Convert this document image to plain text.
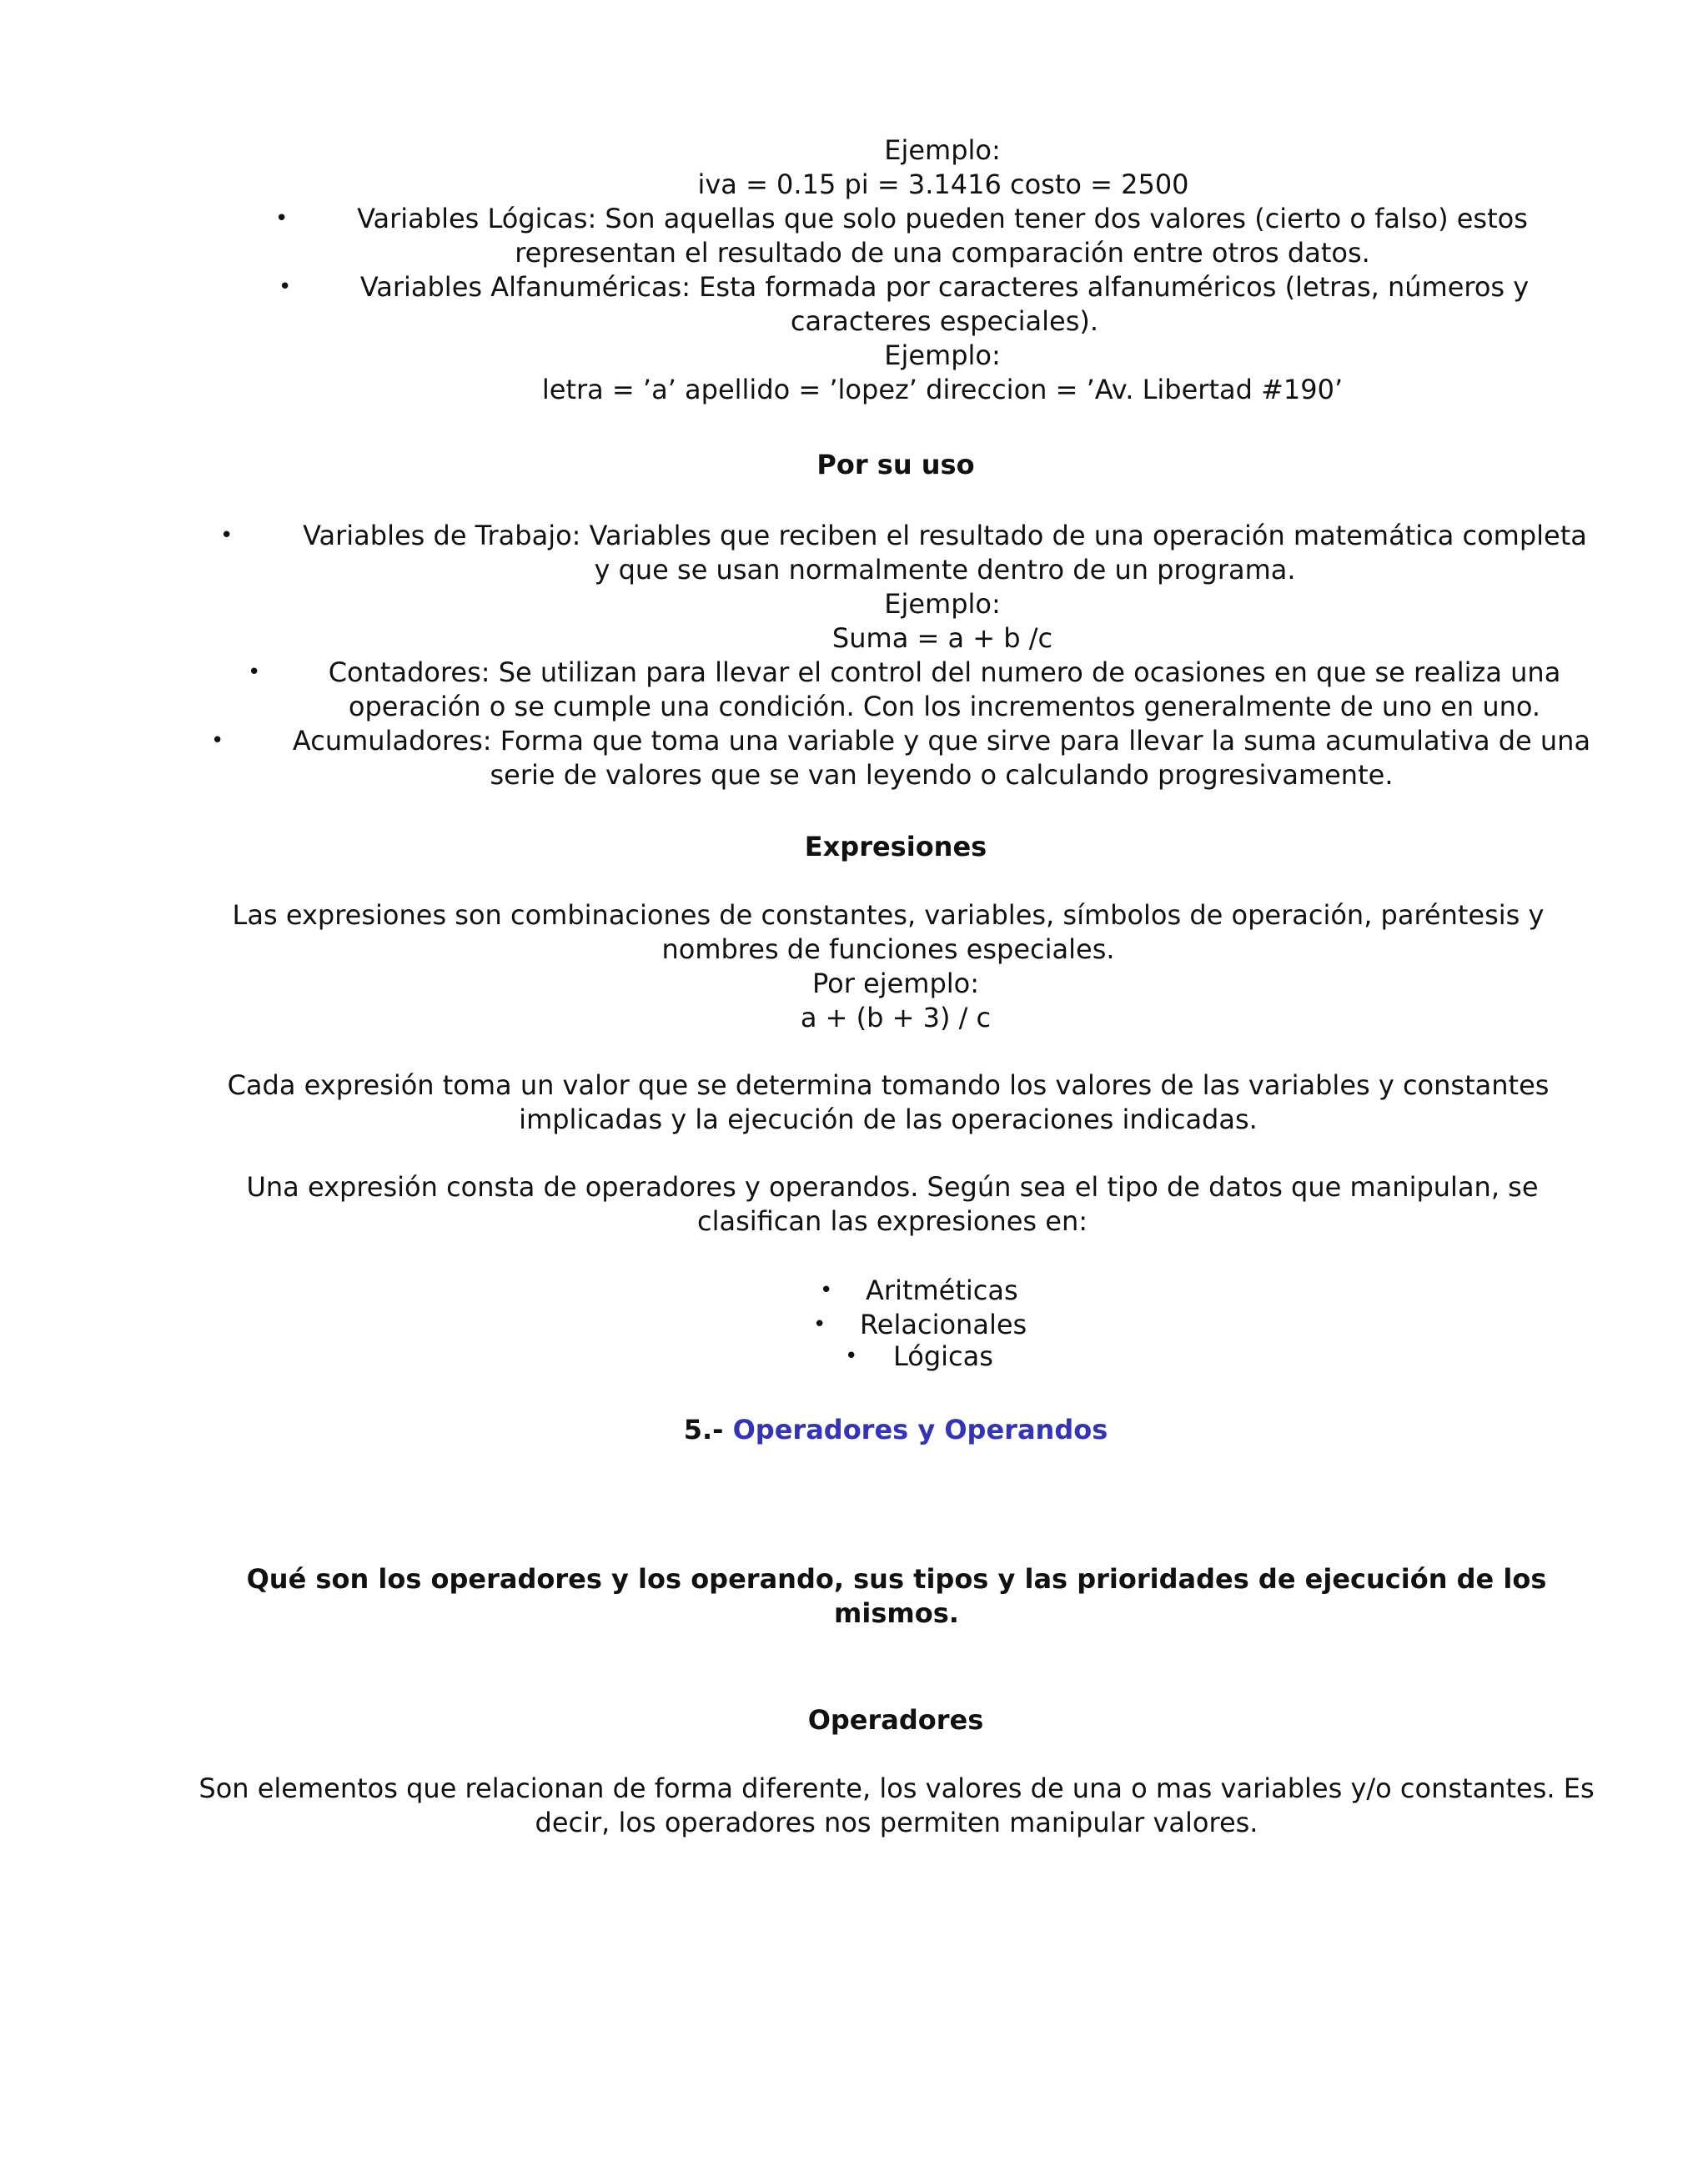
Ejemplo:
iva = 0.15 pi = 3.1416 costo = 2500
•	Variables Lógicas: Son aquellas que solo pueden tener dos valores (cierto o falso) estos
representan el resultado de una comparación entre otros datos.
•	Variables Alfanuméricas: Esta formada por caracteres alfanuméricos (letras, números y
caracteres especiales).
Ejemplo:
letra = ’a’ apellido = ’lopez’ direccion = ’Av. Libertad #190’
Por su uso
•	Variables de Trabajo: Variables que reciben el resultado de una operación matemática completa
y que se usan normalmente dentro de un programa.
Ejemplo:
Suma = a + b /c
•	Contadores: Se utilizan para llevar el control del numero de ocasiones en que se realiza una
operación o se cumple una condición. Con los incrementos generalmente de uno en uno.
•	Acumuladores: Forma que toma una variable y que sirve para llevar la suma acumulativa de una
serie de valores que se van leyendo o calculando progresivamente.
Expresiones
Las expresiones son combinaciones de constantes, variables, símbolos de operación, paréntesis y
nombres de funciones especiales.
Por ejemplo:
a + (b + 3) / c
Cada expresión toma un valor que se determina tomando los valores de las variables y constantes
implicadas y la ejecución de las operaciones indicadas.
Una expresión consta de operadores y operandos. Según sea el tipo de datos que manipulan, se
clasifican las expresiones en:
• Aritméticas
• Relacionales
• Lógicas
5.- Operadores y Operandos
Qué son los operadores y los operando, sus tipos y las prioridades de ejecución de los
mismos.
Operadores
Son elementos que relacionan de forma diferente, los valores de una o mas variables y/o constantes. Es
decir, los operadores nos permiten manipular valores.
